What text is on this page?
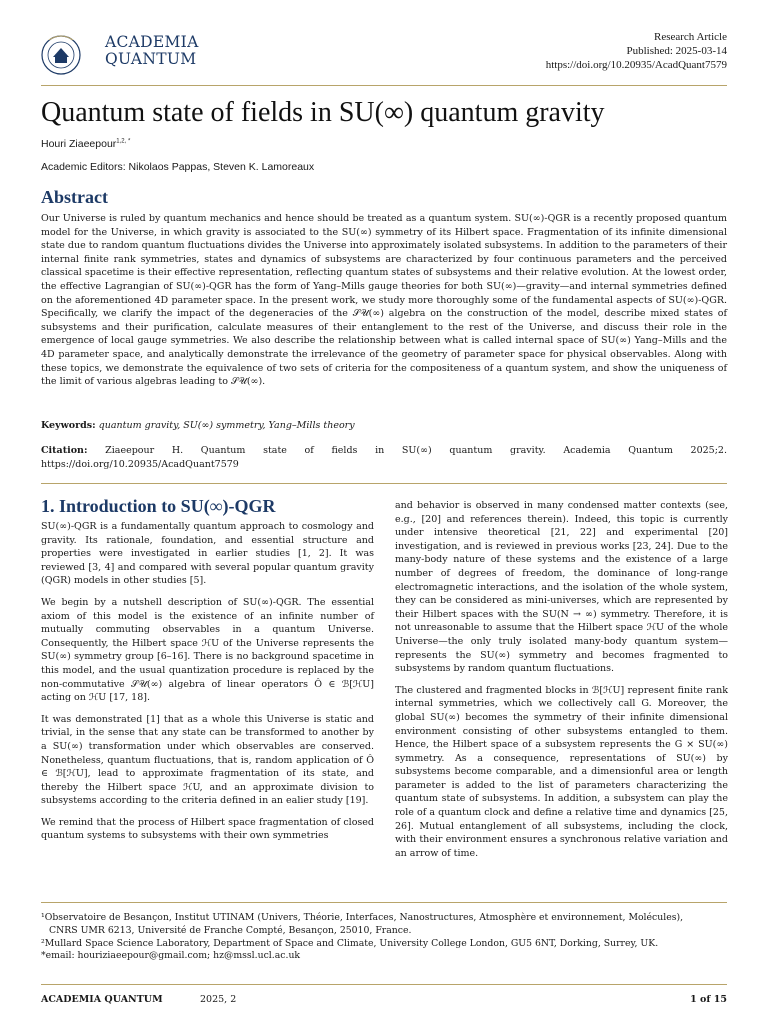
ACADEMIA
QUANTUM
Research Article
Published: 2025-03-14
https://doi.org/10.20935/AcadQuant7579
Quantum state of fields in SU(∞) quantum gravity
Houri Ziaeepour$^{1,2, *}$
Academic Editors: Nikolaos Pappas, Steven K. Lamoreaux
Abstract

Our Universe is ruled by quantum mechanics and hence should be treated as a quantum system. SU(∞)-QGR is a recently proposed quantum model for the Universe, in which gravity is associated to the SU(∞) symmetry of its Hilbert space. Fragmentation of its infinite dimensional state due to random quantum fluctuations divides the Universe into approximately isolated subsystems. In addition to the parameters of their internal finite rank symmetries, states and dynamics of subsystems are characterized by four continuous parameters and the perceived classical spacetime is their effective representation, reflecting quantum states of subsystems and their relative evolution. At the lowest order, the effective Lagrangian of SU(∞)-QGR has the form of Yang–Mills gauge theories for both SU(∞)—gravity—and internal symmetries defined on the aforementioned 4D parameter space. In the present work, we study more thoroughly some of the fundamental aspects of SU(∞)-QGR. Specifically, we clarify the impact of the degeneracies of the 𝒮𝒰(∞) algebra on the construction of the model, describe mixed states of subsystems and their purification, calculate measures of their entanglement to the rest of the Universe, and discuss their role in the emergence of local gauge symmetries. We also describe the relationship between what is called internal space of SU(∞) Yang–Mills and the 4D parameter space, and analytically demonstrate the irrelevance of the geometry of parameter space for physical observables. Along with these topics, we demonstrate the equivalence of two sets of criteria for the compositeness of a quantum system, and show the uniqueness of the limit of various algebras leading to 𝒮𝒰(∞).

Keywords: quantum gravity, SU(∞) symmetry, Yang–Mills theory
Citation: Ziaeepour H. Quantum state of fields in SU(∞) quantum gravity. Academia Quantum 2025;2. https://doi.org/10.20935/AcadQuant7579
1. Introduction to SU(∞)-QGR

SU(∞)-QGR is a fundamentally quantum approach to cosmology and gravity. Its rationale, foundation, and essential structure and properties were investigated in earlier studies [1, 2]. It was reviewed [3, 4] and compared with several popular quantum gravity (QGR) models in other studies [5].

We begin by a nutshell description of SU(∞)-QGR. The essential axiom of this model is the existence of an infinite number of mutually commuting observables in a quantum Universe. Consequently, the Hilbert space ℋU of the Universe represents the SU(∞) symmetry group [6–16]. There is no background spacetime in this model, and the usual quantization procedure is replaced by the non-commutative 𝒮𝒰(∞) algebra of linear operators Ô ∈ ℬ[ℋU] acting on ℋU [17, 18].

It was demonstrated [1] that as a whole this Universe is static and trivial, in the sense that any state can be transformed to another by a SU(∞) transformation under which observables are conserved. Nonetheless, quantum fluctuations, that is, random application of Ô ∈ ℬ[ℋU], lead to approximate fragmentation of its state, and thereby the Hilbert space ℋU, and an approximate division to subsystems according to the criteria defined in an ealier study [19].

We remind that the process of Hilbert space fragmentation of closed quantum systems to subsystems with their own symmetries

and behavior is observed in many condensed matter contexts (see, e.g., [20] and references therein). Indeed, this topic is currently under intensive theoretical [21, 22] and experimental [20] investigation, and is reviewed in previous works [23, 24]. Due to the many-body nature of these systems and the existence of a large number of degrees of freedom, the dominance of long-range electromagnetic interactions, and the isolation of the whole system, they can be considered as mini-universes, which are represented by their Hilbert spaces with the SU(N → ∞) symmetry. Therefore, it is not unreasonable to assume that the Hilbert space ℋU of the whole Universe—the only truly isolated many-body quantum system—represents the SU(∞) symmetry and becomes fragmented to subsystems by random quantum fluctuations.

The clustered and fragmented blocks in ℬ[ℋU] represent finite rank internal symmetries, which we collectively call G. Moreover, the global SU(∞) becomes the symmetry of their infinite dimensional environment consisting of other subsystems entangled to them. Hence, the Hilbert space of a subsystem represents the G × SU(∞) symmetry. As a consequence, representations of SU(∞) by subsystems become comparable, and a dimensionful area or length parameter is added to the list of parameters characterizing the quantum state of subsystems. In addition, a subsystem can play the role of a quantum clock and define a relative time and dynamics [25, 26]. Mutual entanglement of all subsystems, including the clock, with their environment ensures a synchronous relative variation and an arrow of time.

¹Observatoire de Besançon, Institut UTINAM (Univers, Théorie, Interfaces, Nanostructures, Atmosphère et environnement, Molécules),
CNRS UMR 6213, Université de Franche Compté, Besançon, 25010, France.
²Mullard Space Science Laboratory, Department of Space and Climate, University College London, GU5 6NT, Dorking, Surrey, UK.
*email: houriziaeepour@gmail.com; hz@mssl.ucl.ac.uk
ACADEMIA QUANTUM	2025, 2	1 of 15
